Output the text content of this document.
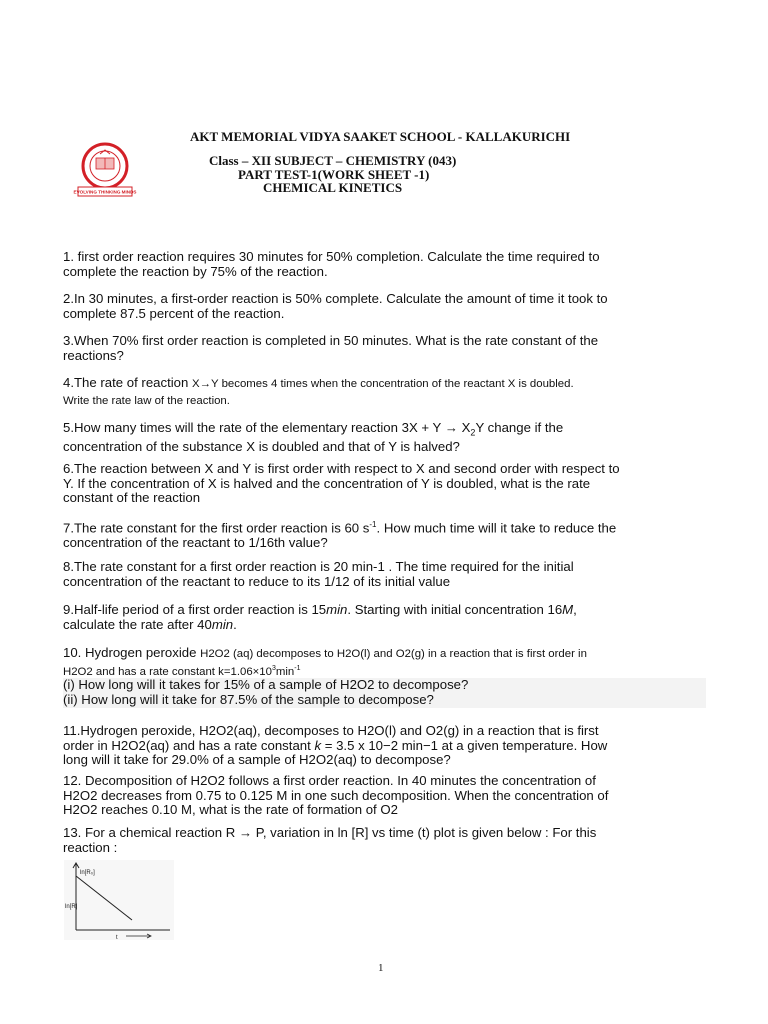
AKT MEMORIAL VIDYA SAAKET SCHOOL - KALLAKURICHI
EVOLVING THINKING MINDS
Class – XII SUBJECT – CHEMISTRY (043)
PART TEST-1(WORK SHEET -1)
CHEMICAL KINETICS
1. first order reaction requires 30 minutes for 50% completion. Calculate the time required to
complete the reaction by 75% of the reaction.
2.In 30 minutes, a first-order reaction is 50% complete. Calculate the amount of time it took to
complete 87.5 percent of the reaction.
3.When 70% first order reaction is completed in 50 minutes. What is the rate constant of the
reactions?
4.The rate of reaction X→Y becomes 4 times when the concentration of the reactant X is doubled.
Write the rate law of the reaction.
5.How many times will the rate of the elementary reaction $3X + Y \to X_2Y$ change if the
concentration of the substance X is doubled and that of Y is halved?
6.The reaction between X and Y is first order with respect to X and second order with respect to
Y. If the concentration of X is halved and the concentration of Y is doubled, what is the rate
constant of the reaction
7.The rate constant for the first order reaction is 60 $s^{-1}$. How much time will it take to reduce the
concentration of the reactant to 1/16th value?
8.The rate constant for a first order reaction is 20 min-1 . The time required for the initial
concentration of the reactant to reduce to its 1/12 of its initial value
9.Half-life period of a first order reaction is 15min. Starting with initial concentration 16M,
calculate the rate after 40min.
10. Hydrogen peroxide H2O2 (aq) decomposes to H2O(l) and O2(g) in a reaction that is first order in
H2O2 and has a rate constant $k=1.06\times 10^3\min^{-1}$
(i) How long will it takes for 15% of a sample of H2O2 to decompose?
(ii) How long will it take for 87.5% of the sample to decompose?
11.Hydrogen peroxide, H2O2(aq), decomposes to H2O(l) and O2(g) in a reaction that is first
order in H2O2(aq) and has a rate constant k = 3.5 x 10−2 min−1 at a given temperature. How
long will it take for 29.0% of a sample of H2O2(aq) to decompose?
12. Decomposition of H2O2 follows a first order reaction. In 40 minutes the concentration of
H2O2 decreases from 0.75 to 0.125 M in one such decomposition. When the concentration of
H2O2 reaches 0.10 M, what is the rate of formation of O2
13. For a chemical reaction R → P, variation in ln [R] vs time (t) plot is given below : For this
reaction :
ln[R₀]
ln[R]
t
1
